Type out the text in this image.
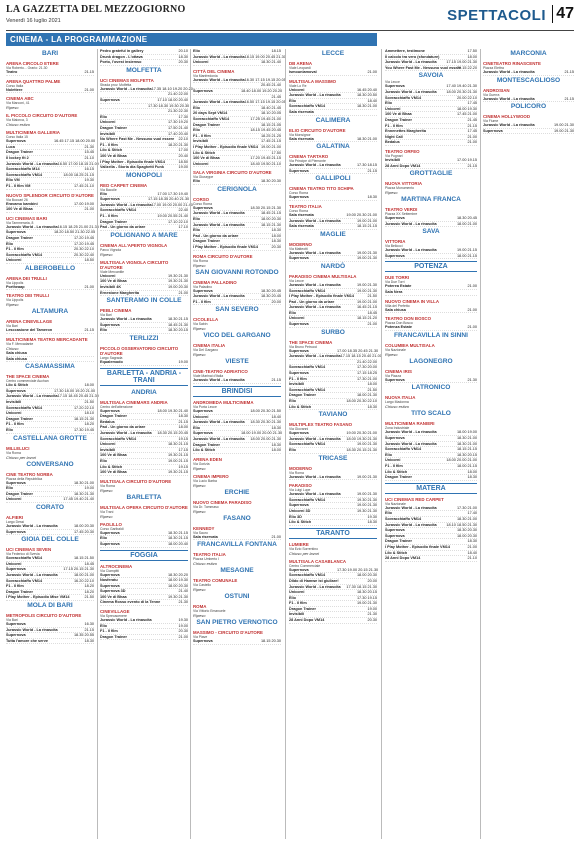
LA GAZZETTA DEL MEZZOGIORNO
Venerdì 16 luglio 2021	SPETTACOLI 47
CINEMA - LA PROGRAMMAZIONE
BARI
ARENA CIRCOLO ETERE
Via Roberto... Orario: 21.30
Teatro	21.15
ARENA QUATTRO PALME
Corso Italia
Nolettere	21.00
CINEMA ABC
Via Marconi, 41
Ripeso
IL PICCOLO CIRCUITO D'AUTORE
Via Maiorca, 3
Chiuso estivo
MULTICINEMA GALLERIA
Corso Italia 15
Supernova	16.45 17.15 18.00 20.00
Luca	21.30
Dragon Trainer	15.45
Il lockey fit 2	21.10
Jurassic World - La rinascita 16.50 17.00 18.15 21.00
Sovracchiaffo M14	16.15
Sovracchiaffo VM14	18.00 18.25 21.15
Elio VM	19.30
F1 - Il film VM	17.45 21.10
NUOVO SPLENDOR CIRCUITO D'AUTORE
Via Buccari 26
Eravamo bambini	17.00 19.00
100 Ve di Bhaa	21.00
UCI CINEMAS BARI
Via Tammeraria, 8
Jurassic World - La rinascita 16.15 18.25 21.00 21.35
Supernova	18.20 18.50 21.30 22.05
Dragon Trainer	17.20 19.45
Elio	17.20 19.45
F1 - Il film	20.30 22.10
Sovracchiaffo VM14	20.30 22.40
Unicorni	18.50
ALBEROBELLO
ARENA DEI TRULLI
Via Lippolis
Portheaap	21.00
TEATRO DEI TRULLI
Via Lippolis
Ripeso
ALTAMURA
ARENA CINEVILLAGE
Via Bari
Lesccasione del Tameron	21.15
MULTICINEMA TEATRO MERCADANTE
Via F. Mercadante
Chiuso
Sala chiusa
Sala chiusa
CASAMASSIMA
THE SPACE CINEMA
Centro commerciale Auchan
Lilo & Stitch	18.00
Supernova	17.30 18.00 19.20 21.00
Jurassic World - La rinascita 17.15 18.45 20.45 21.30
Invisibili	21.50
Sovracchiaffo VM14	17.20 22.10
Unicorni	18.10
Dragon Trainer	18.15 21.30
F1 - Il film	18.20
Elio	17.30 19.45
CASTELLANA GROTTE
MILLELUCI
Via Roma
Chiuso per lavori
CONVERSANO
CINE TEATRO NORBA
Piazza della Repubblica
Supernova	18.30 21.00
Elio	19.00
Dragon Trainer	18.30 21.30
Unicorni	17.45 19.40 21.40
CORATO
ALFIERI
Largo Dessì
Jurassic World - La rinascita	18.00 20.30
Supernova	17.45 20.30
GIOIA DEL COLLE
UCI CINEMAS SEVEN
Via Federico di Svevia
Sovracchiaffo VM14	18.15 21.50
Unicorni	18.45
Supernova	17.15 20.15 21.30
Jurassic World - La rinascita	18.00 21.00
Sovracchiaffo VM14	16.20 22.10
F1 - Il film	18.20
Dragon Trainer	18.20
I Play Mother - Episodio Mise VM14	21.50
MOLA DI BARI
METROPOLIS CIRCUITO D'AUTORE
Via Bari
Supernova	16.30
Jurassic World - La rinascita	21.15
Supernova	18.35 20.55
Tutta l'amore che serve	18.30
Pedro grateful in gallery	20.10
Drunk dragon - L'ottava	18.30
Porto, l'ovest insiemso	20.30
MOLFETTA
UCI CINEMAS MOLFETTA
Strada prov. Molfetta
Jurassic World - La rinascita 17.35 18.10 19.20 20.20
21.40 22.00
Supernova	17.10 18.00 20.40
17.30 18.30 19.30 20.30
21.30 22.30
Elio	17.30
Unicorni	17.30 19.20
Dragon Trainer	17.50 21.40
Invisibili	17.40 20.40
No Where Fast Me - Nessuno vuol essere 22.10
F1 - Il film	18.20 21.30
Lilo & Stitch	17.00
100 Ve di Bhaa	20.40
I Play Mother - Episodio finale VM14	18.50
Vallzella - Storia dia Spaghetti Funk	19.00
MONOPOLI
RED CARPET CINEMA
Via Baccile
Elio	17.00 17.30 19.40
Supernova	17.15 18.35 20.40 21.30
Jurassic World - La rinascita 17.00 19.00 20.00 21.40
Sovracchiaffo VM14	22.40
F1 - Il film	19.00 20.55 21.40
Dragon Trainer	17.10 22.10
Pad - Un giorno da urlare	17.10
POLIGNANO A MARE
CINEMA ALL'APERTO VIGNOLA
Parco Vignola
Ripeso
MULTISALA VIGNOLA CIRCUITO D'AUTORE
Viale Mercantile
Unicorni	19.30 21.30
100 Ve di Bhaa	19.30 21.30
Invisibili 4K	19.00 20.30
Ernestone Margherita	21.00
SANTERAMO IN COLLE
PEBLI CINEMA
Via Bari
Jurassic World - La rinascita	18.30 21.15
Supernova	18.45 21.30
Elio	18.30 20.15
TERLIZZI
PICCOLO OSSERVATORIO CIRCUITO D'AUTORE
Largo Sagrada
Equalemodo	19.00
BARLETTA - ANDRIA - TRANI
ANDRIA
MULTISALA CINEMARS ANDRIA
Centro dell'attenzione
Supernova	18.00 19.30 21.40
Dragon Trainer	18.30
Bedalus	21.15
Pad - Un giorno da urlare	18.00
Jurassic World - La rinascita 18.30 20.15 20.45
Sovracchiaffo VM14	19.15
Unicorni	18.30 21.15
Invisibili	17.15
100 Ve di Bhaa	19.30 21.15
Elio	19.00 21.15
Lilo & Stitch	19.15
100 Ve di Bhaa	19.30 21.15
MULTISALA CIRCUITO D'AUTORE
Via Roma
Ripeso
BARLETTA
MULTISALA OPERA CIRCUITO D'AUTORE
Via Trani
Ripeso
PAOLILLO
Corso Garibaldi
Supernova	18.30 21.15
Elio	18.30 21.15
Supernova	18.00 20.40
FOGGIA
ALTROCINEMA
Via Ciampitti
Supernova	18.30 20.20
Nosferatu	18.00 19.30
Supernova	18.00 20.30
Supernova 3D	21.40
100 Ve di Bhaa	19.30 21.30
Cinema Rosso evento di la Tenne	21.30
CINEVILLAGE
Via Sprecacenere
Jurassic World - La rinascita	19.30
Elio	19.00
F1 - Il film	20.30
Dragon Trainer	21.00
Elio	18.15
Jurassic World - La rinascita 18.15 19.00 20.45 21.30
Unicorni	18.30 21.40
CITTÀ DEL CINEMA
Via Manfredonia
Jurassic World - La rinascita 16.30 17.15 19.15 20.05
20.45 21.40
Supernova	18.40 18.00 19.20 20.20
21.45
Jurassic World - La rinascita 16.50 17.15 19.15 20.05
Elio	18.40 21.45
20 days Sept VM14	18.10 20.05
Sovracchiaffo VM14	17.25 19.45 21.00
Dragon Trainer	18.15 21.05
Elio	18.15 19.45 20.45
F1 - Il film	18.25 21.25
Invisibili	17.45 21.15
I Play Mother - Episodio finale VM14 19.00 21.00
Lilo & Stitch	17.50
100 Ve di Bhaa	17.20 19.45 21.15
Unicorni	18.40 19.50 21.10
SALA VIRGINIA CIRCUITO D'AUTORE
Via Giuseppe
Elio	18.30 20.30
CERIGNOLA
CORSO
Corso Roma
Supernova	18.30 20.15 21.30
Jurassic World - La rinascita	18.45 21.15
Elio	18.00 20.30
Jurassic World - La rinascita	18.15 21.30
Elio	18.30
Pad - Un giorno da urlare	18.00
Dragon Trainer	18.30
I Play Mother - Episodio finale VM14	20.30
ROMA CIRCUITO D'AUTORE
Via Roma
Ripeso
SAN GIOVANNI ROTONDO
CINEMA PALLADINO
Via Paladino
Supernova	18.30 20.45
Jurassic World - La rinascita	18.30 20.45
F1 - Il film	20.00
SAN SEVERO
CICOLELLA
Via Sabin
Ripeso
VICO DEL GARGANO
CINEMA ITALIA
Via Del Gargano
Ripeso
VIESTE
CINE-TEATRO ADRIATICO
Viale Marinai d'Italia
Jurassic World - La rinascita	21.15
BRINDISI
ANDROMEDA MULTICINEMA
Via Porta Lecce
Supernova	18.00 20.30 21.50
Unicorni	18.40
Jurassic World - La rinascita 18.30 20.30 21.30
Elio	18.30
Supernova	18.00 19.00 20.00 21.30
Jurassic World - La rinascita 18.00 20.00 21.30
Dragon Trainer	18.30
Lilo & Stitch	18.00
ARENA EDEN
Via Gorizia
Ripeso
CINEMA IMPERO
Via Lucio Barba
Ripeso
ERCHIE
NUOVO CINEMA PARADISO
Via Dr. Tommaso
Ripeso
FASANO
KENNEDY
Via Sauro
Sala riservata	21.00
FRANCAVILLA FONTANA
TEATRO ITALIA
Piazza Umberto I
Chiuso estivo
MESAGNE
TEATRO COMUNALE
Via Castello
Ripeso
OSTUNI
ROMA
Via Vittorio Emanuele
Ripeso
SAN PIETRO VERNOTICO
MASSIMO - CIRCUITO D'AUTORE
Via Piave
Supernova	18.15 20.30
LECCE
DB ARENA
Viale Leopardi
Ismouniamoval	21.00
MULTISALA MASSIMO
Viale Lo Re
Unicorni	16.45 20.40
Jurassic World - La rinascita	18.30 20.50
Elio	18.40
Sovracchiaffo VM14	18.30 21.00
Sala riservata
CALIMERA
ELIO CIRCUITO D'AUTORE
Via Monsignor
Sala riservata	18.30 21.00
GALATINA
CINEMA TARTARO
Via Principe di Piemonte
Jurassic World - La rinascita	17.30 18.15
Supernova	21.15
GALLIPOLI
CINEMA TEATRO TITO SCHIPA
Corso Roma
Supernova	18.30
TEATRO ITALIA
Corso Roma
Sala riservata	19.00 20.30 21.00
Jurassic World - La rinascita	19.00 21.00
Sala riservata	18.15 21.15
MAGLIE
MODERNO
Via Matteotti
Jurassic World - La rinascita	19.00 21.30
Supernova	19.00 21.30
NARDÒ
PARADISO CINEMA MULTISALA
Via Lecce
Jurassic World - La rinascita	19.00 21.30
Sovracchiaffo VM14	19.00 21.30
I Play Mother - Episodio finale VM14	21.50
Pad - Un giorno da urlare	19.00 21.00
Jurassic World - La rinascita	16.45 21.15
Elio	18.45
Unicorni	18.15 21.20
Supernova	21.00
SURBO
THE SPACE CINEMA
Via Bruno Petrucci
Supernova	17.00 18.35 20.45 21.30
Jurassic World - La rinascita 17.15 18.15 20.40 21.00
21.40 22.00
Sovracchiaffo VM14	17.30 20.00
Supernova	17.15 18.25
F1 - Il film	17.30 21.00
Invisibili	18.00
Sovracchiaffo VM14	21.50
Dragon Trainer	18.00 21.30
Elio	18.00 20.30 22.10
Lilo & Stitch	18.30
TAVIANO
MULTIPLEX TEATRO FASANO
Via Giovanni
Supernova	19.00 20.30 21.00
Jurassic World - La rinascita 18.00 19.30 21.30
Sovracchiaffo VM14	19.00 21.30
Elio	18.30 20.15 21.30
TRICASE
MODERNO
Via Roma
Jurassic World - La rinascita	19.00 21.30
PARADISO
Via Luigi Lupe
Jurassic World - La rinascita	19.00 21.30
Sovracchiaffo VM14	19.30 21.30
Supernova	19.00 21.30
Unicorni 3D	19.30 21.30
Elio 3D	19.30
Lilo & Stitch	18.30
TARANTO
LUMIERE
Via Ezio Sorrentino
Chiuso per lavori
MULTISALA CASABLANCA
Centro Commerciale
Supernova	17.30 19.00 20.15 21.30
Sovracchiaffo VM14	18.00 20.30
Dildo di Hamwe ist giullare!	20.00
Jurassic World - La rinascita 17.30 18.15 21.30
Unicorni	18.30 20.15
Elio	17.30 19.15
F1 - Il film	19.00 21.30
Dragon Trainer	19.00
Invisibili	21.30
28 Anni Dopo VM14	20.30
Ammettere, testimone	17.50
Il calcolo tra vero (sfondature)	18.00
Jurassic World - La rinascita	17.15 19.00 21.30
You Where Fast Me - Nessuno vuol essere
20.15 22.20
SAVOIA
Via Lecce
Supernova	17.40 19.40 21.30
Jurassic World - La rinascita	18.00 20.30 21.30
Sovracchiaffo VM14	20.00 22.10
Elio	17.45
Unicorni	18.00 19.30
100 Ve di Bhaa	17.45 21.00
Dragon Trainer	21.45
F1 - Il film	21.15
Ennenettes Margherita	17.45
Night Call	21.00
Bedalus	21.00
TEATRO ORFEO
Via Pugnari
Invisibili	17.00 19.15
28 Anni Dopo VM14	21.15
GROTTAGLIE
NUOVA VITTORIA
Piazza Monumento
Ripeso
MARTINA FRANCA
TEATRO VERDI
Piazza XX Settembre
Supernova	18.30 20.45
Jurassic World - La rinascita	18.00 21.00
SAVA
VITTORIA
Via Bellocci
Jurassic World - La rinascita	19.00 21.15
Supernova	18.00 21.15
POTENZA
DUE TORRI
Via Due Torri
Poterea Estate	21.00
Sala Nera
NUOVO CINEMA IN VILLA
Villa del Prefetto
Sala chiusa	21.00
TEATRO DON BOSCO
Piazza Don Bosco
Potenza Estate	21.00
FRANCAVILLA IN SINNI
COLUMBIA MULTISALA
Via Nazionale
Ripeso
LAGONEGRO
CINEMA IRIS
Via Piazza
Supernova	21.30
LATRONICO
NUOVA ITALIA
Largo Madonna
Chiuso estivo
TITO SCALO
MULTICINEMA RANIERI
Zona Industriale
Jurassic World - La rinascita	18.00 19.00
Supernova	18.30 21.00
Jurassic World - La rinascita	18.30 21.00
Sovracchiaffo VM14	18.15 21.15
Elio	18.30 20.15
Unicorni	18.00 20.00 21.00
F1 - Il film	18.00 21.15
Lilo & Stitch	18.00
Dragon Trainer	18.30
MATERA
UCI CINEMAS RED CARPET
Via Nazionale
Jurassic World - La rinascita	17.30 21.00
Elio	17.40
Sovracchiaffo VM14	18.30 21.00
Jurassic World - La rinascita	18.10 18.50 21.30
Supernova	18.30 20.30
Supernova	18.00 20.30
Dragon Trainer	18.30
I Play Mother - Episodio finale VM14	21.00
Lilo & Stitch	18.40
28 Anni Dopo VM14	21.10
MARCONIA
CINETEATRO RINASCENTE
Piazza Elettra
Jurassic World - La rinascita	21.15
MONTESCAGLIOSO
ANDROSIAN
Via Guerra
Jurassic World - La rinascita	21.15
POLICORO
CINEMA HOLLYWOOD
Via Fiume
Jurassic World - La rinascita	19.00 21.30
Supernova	19.00 21.30
